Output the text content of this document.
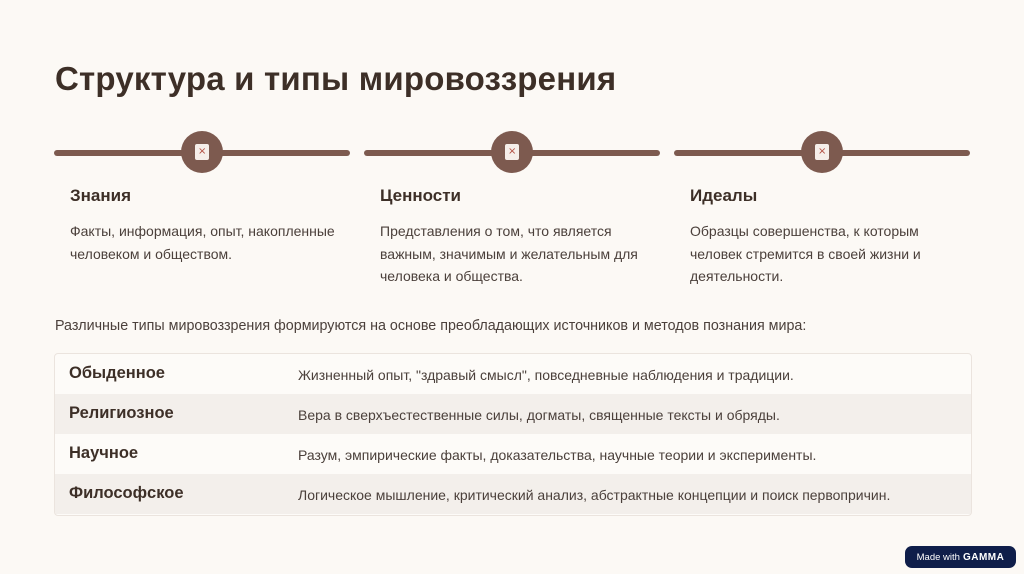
Структура и типы мировоззрения
×
×
×
Знания

Факты, информация, опыт, накопленные человеком и обществом.

Ценности

Представления о том, что является важным, значимым и желательным для человека и общества.

Идеалы

Образцы совершенства, к которым человек стремится в своей жизни и деятельности.

Различные типы мировоззрения формируются на основе преобладающих источников и методов познания мира:
Обыденное	Жизненный опыт, "здравый смысл", повседневные наблюдения и традиции.
Религиозное	Вера в сверхъестественные силы, догматы, священные тексты и обряды.
Научное	Разум, эмпирические факты, доказательства, научные теории и эксперименты.
Философское	Логическое мышление, критический анализ, абстрактные концепции и поиск первопричин.
Made with GAMMA
